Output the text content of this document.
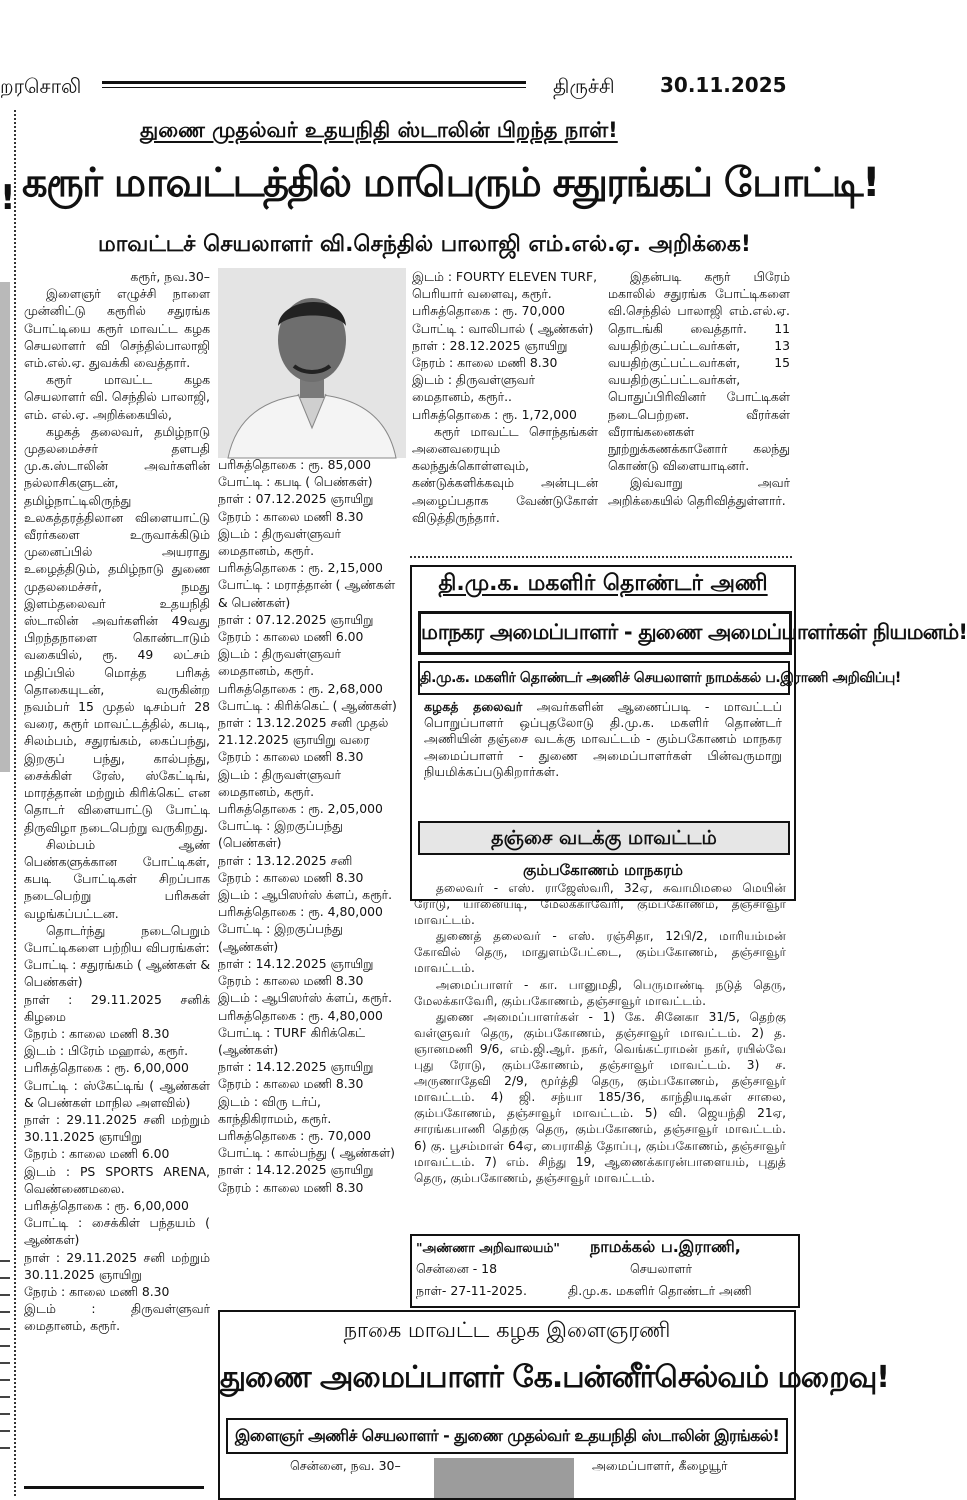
றரசொலி	திருச்சி 30.11.2025
!
துணை முதல்வர் உதயநிதி ஸ்டாலின் பிறந்த நாள்!
கரூர் மாவட்டத்தில் மாபெரும் சதுரங்கப் போட்டி!
மாவட்டச் செயலாளர் வி.செந்தில் பாலாஜி எம்.எல்.ஏ. அறிக்கை!

கரூர், நவ.30–

இளைஞர் எழுச்சி நாளை முன்னிட்டு கரூரில் சதுரங்க போட்டியை கரூர் மாவட்ட கழக செயலாளர் வி செந்தில்பாலாஜி எம்.எல்.ஏ. துவக்கி வைத்தார்.

கரூர் மாவட்ட கழக செயலாளர் வி. செந்தில் பாலாஜி, எம். எல்.ஏ. அறிக்கையில்,

கழகத் தலைவர், தமிழ்நாடு முதலமைச்சர் தளபதி மு.க.ஸ்டாலின் அவர்களின் நல்லாசிகளுடன், தமிழ்நாட்டிலிருந்து உலகத்தரத்திலான விளையாட்டு வீரர்களை உருவாக்கிடும் முனைப்பில் அயராது உழைத்திடும், தமிழ்நாடு துணை முதலமைச்சர், நமது இளம்தலைவர் உதயநிதி ஸ்டாலின் அவர்களின் 49வது பிறந்தநாளை கொண்டாடும் வகையில், ரூ. 49 லட்சம் மதிப்பில் மொத்த பரிசுத் தொகையுடன், வருகின்ற நவம்பர் 15 முதல் டிசம்பர் 28 வரை, கரூர் மாவட்டத்தில், கபடி, சிலம்பம், சதுரங்கம், கைப்பந்து, இறகுப் பந்து, கால்பந்து, சைக்கிள் ரேஸ், ஸ்கேட்டிங், மாரத்தான் மற்றும் கிரிக்கெட் என தொடர் விளையாட்டு போட்டி திருவிழா நடைபெற்று வருகிறது.

சிலம்பம் ஆண் பெண்களுக்கான போட்டிகள், கபடி போட்டிகள் சிறப்பாக நடைபெற்று பரிசுகள் வழங்கப்பட்டன.

தொடர்ந்து நடைபெறும் போட்டிகளை பற்றிய விபரங்கள்:

போட்டி : சதுரங்கம் ( ஆண்கள் & பெண்கள்)

நாள் : 29.11.2025 சனிக் கிழமை

நேரம் : காலை மணி 8.30

இடம் : பிரேம் மஹால், கரூர்.

பரிசுத்தொகை : ரூ. 6,00,000

போட்டி : ஸ்கேட்டிங் ( ஆண்கள் & பெண்கள் மாநில அளவில்)

நாள் : 29.11.2025 சனி மற்றும் 30.11.2025 ஞாயிறு

நேரம் : காலை மணி 6.00

இடம் : PS SPORTS ARENA, வெண்ணைமலை.

பரிசுத்தொகை : ரூ. 6,00,000

போட்டி : சைக்கிள் பந்தயம் ( ஆண்கள்)

நாள் : 29.11.2025 சனி மற்றும் 30.11.2025 ஞாயிறு

நேரம் : காலை மணி 8.30

இடம் : திருவள்ளுவர் மைதானம், கரூர்.

பரிசுத்தொகை : ரூ. 85,000

போட்டி : கபடி ( பெண்கள்)

நாள் : 07.12.2025 ஞாயிறு

நேரம் : காலை மணி 8.30

இடம் : திருவள்ளுவர் மைதானம், கரூர்.

பரிசுத்தொகை : ரூ. 2,15,000

போட்டி : மராத்தான் ( ஆண்கள் & பெண்கள்)

நாள் : 07.12.2025 ஞாயிறு

நேரம் : காலை மணி 6.00

இடம் : திருவள்ளுவர் மைதானம், கரூர்.

பரிசுத்தொகை : ரூ. 2,68,000

போட்டி : கிரிக்கெட் ( ஆண்கள்)

நாள் : 13.12.2025 சனி முதல் 21.12.2025 ஞாயிறு வரை

நேரம் : காலை மணி 8.30

இடம் : திருவள்ளுவர் மைதானம், கரூர்.

பரிசுத்தொகை : ரூ. 2,05,000

போட்டி : இறகுப்பந்து (பெண்கள்)

நாள் : 13.12.2025 சனி

நேரம் : காலை மணி 8.30

இடம் : ஆபிஸர்ஸ் க்ளப், கரூர்.

பரிசுத்தொகை : ரூ. 4,80,000

போட்டி : இறகுப்பந்து (ஆண்கள்)

நாள் : 14.12.2025 ஞாயிறு

நேரம் : காலை மணி 8.30

இடம் : ஆபிஸர்ஸ் க்ளப், கரூர்.

பரிசுத்தொகை : ரூ. 4,80,000

போட்டி : TURF கிரிக்கெட் (ஆண்கள்)

நாள் : 14.12.2025 ஞாயிறு

நேரம் : காலை மணி 8.30

இடம் : விரு டர்ப், காந்திகிராமம், கரூர்.

பரிசுத்தொகை : ரூ. 70,000

போட்டி : கால்பந்து ( ஆண்கள்)

நாள் : 14.12.2025 ஞாயிறு

நேரம் : காலை மணி 8.30

இடம் : FOURTY ELEVEN TURF, பெரியார் வளைவு, கரூர்.

பரிசுத்தொகை : ரூ. 70,000

போட்டி : வாலிபால் ( ஆண்கள்)

நாள் : 28.12.2025 ஞாயிறு

நேரம் : காலை மணி 8.30

இடம் : திருவள்ளுவர் மைதானம், கரூர்..

பரிசுத்தொகை : ரூ. 1,72,000

கரூர் மாவட்ட சொந்தங்கள் அனைவரையும் கலந்துக்கொள்ளவும், கண்டுக்களிக்கவும் அன்புடன் அழைப்பதாக வேண்டுகோள் விடுத்திருந்தார்.

இதன்படி கரூர் பிரேம் மகாலில் சதுரங்க போட்டிகளை வி.செந்தில் பாலாஜி எம்.எல்.ஏ. தொடங்கி வைத்தார். 11 வயதிற்குட்பட்டவர்கள், 13 வயதிற்குட்பட்டவர்கள், 15 வயதிற்குட்பட்டவர்கள், பொதுப்பிரிவினர் போட்டிகள் நடைபெற்றன. வீரர்கள் வீராங்கனைகள் நூற்றுக்கணக்கானோர் கலந்து கொண்டு விளையாடினர்.

இவ்வாறு அவர் அறிக்கையில் தெரிவித்துள்ளார்.

தி.மு.க. மகளிர் தொண்டர் அணி
மாநகர அமைப்பாளர் - துணை அமைப்பாளர்கள் நியமனம்!
தி.மு.க. மகளிர் தொண்டர் அணிச் செயலாளர் நாமக்கல் ப.இராணி அறிவிப்பு!
கழகத் தலைவர் அவர்களின் ஆணைப்படி - மாவட்டப் பொறுப்பாளர் ஒப்புதலோடு தி.மு.க. மகளிர் தொண்டர் அணியின் தஞ்சை வடக்கு மாவட்டம் - கும்பகோணம் மாநகர அமைப்பாளர் - துணை அமைப்பாளர்கள் பின்வருமாறு நியமிக்கப்படுகிறார்கள்.
தஞ்சை வடக்கு மாவட்டம்
கும்பகோணம் மாநகரம்

தலைவர் - எஸ். ராஜேஸ்வரி, 32ஏ, சுவாமிமலை மெயின் ரோடு, யானையடி, மேலக்காவேரி, கும்பகோணம், தஞ்சாவூர் மாவட்டம்.

துணைத் தலைவர் - எஸ். ரஞ்சிதா, 12பி/2, மாரியம்மன் கோவில் தெரு, மாதுளம்பேட்டை, கும்பகோணம், தஞ்சாவூர் மாவட்டம்.

அமைப்பாளர் - கா. பானுமதி, பெருமாண்டி நடுத் தெரு, மேலக்காவேரி, கும்பகோணம், தஞ்சாவூர் மாவட்டம்.

துணை அமைப்பாளர்கள் - 1) கே. சினேகா 31/5, தெற்கு வள்ளுவர் தெரு, கும்பகோணம், தஞ்சாவூர் மாவட்டம். 2) த. ஞானமணி 9/6, எம்.ஜி.ஆர். நகர், வெங்கட்ராமன் நகர், ரயில்வே புது ரோடு, கும்பகோணம், தஞ்சாவூர் மாவட்டம். 3) ச. அருணாதேவி 2/9, மூர்த்தி தெரு, கும்பகோணம், தஞ்சாவூர் மாவட்டம். 4) ஜி. சந்யா 185/36, காந்தியடிகள் சாலை, கும்பகோணம், தஞ்சாவூர் மாவட்டம். 5) வி. ஜெயந்தி 21ஏ, சாரங்கபாணி தெற்கு தெரு, கும்பகோணம், தஞ்சாவூர் மாவட்டம். 6) கு. பூசம்மாள் 64ஏ, பைராகித் தோப்பு, கும்பகோணம், தஞ்சாவூர் மாவட்டம். 7) எம். சிந்து 19, ஆணைக்காரன்பாளையம், புதுத் தெரு, கும்பகோணம், தஞ்சாவூர் மாவட்டம்.

"அண்ணா அறிவாலயம்"
சென்னை - 18
நாள்- 27-11-2025.
நாமக்கல் ப.இராணி,
செயலாளர்
தி.மு.க. மகளிர் தொண்டர் அணி
நாகை மாவட்ட கழக இளைஞரணி
துணை அமைப்பாளர் கே.பன்னீர்செல்வம் மறைவு!
இளைஞர் அணிச் செயலாளர் - துணை முதல்வர் உதயநிதி ஸ்டாலின் இரங்கல்!
சென்னை, நவ. 30–	அமைப்பாளர், கீழையூர்
